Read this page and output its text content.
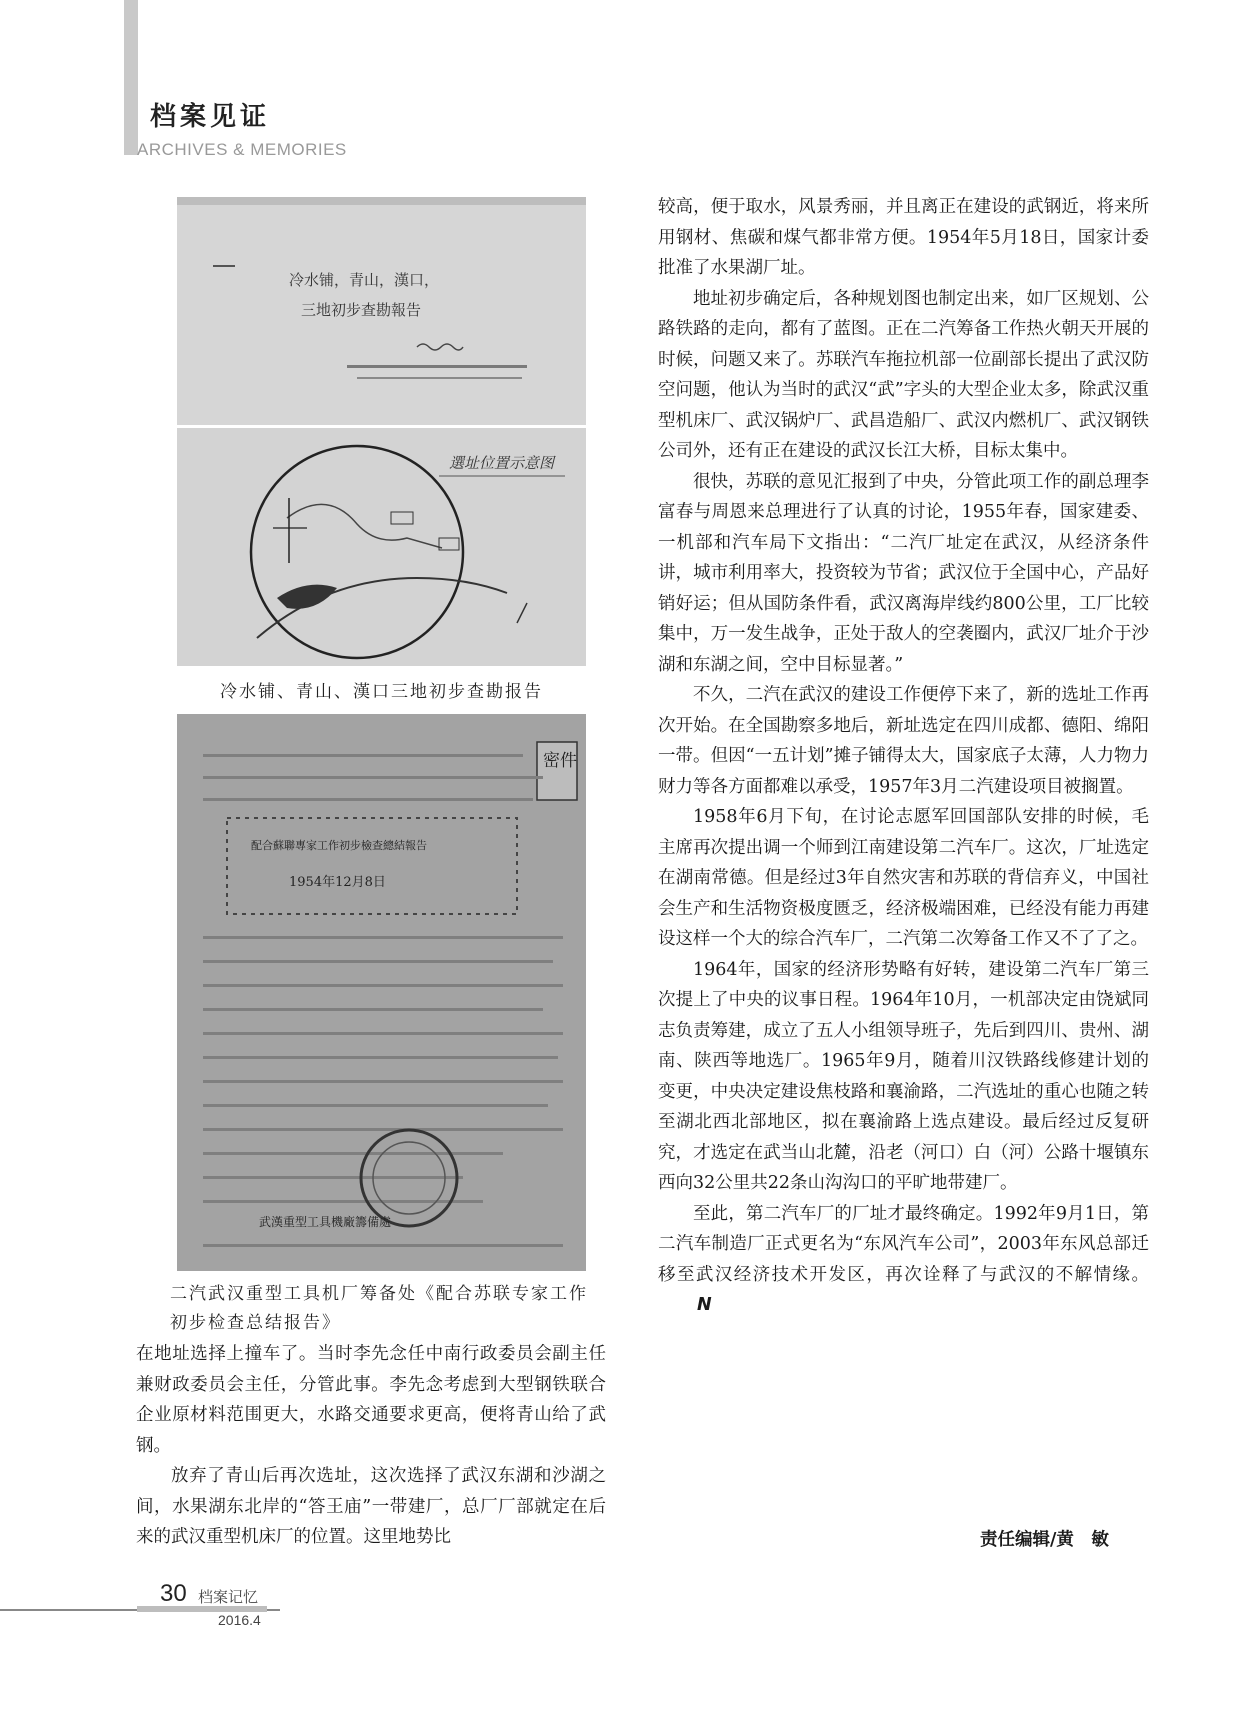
档案见证
ARCHIVES & MEMORIES
冷水铺，青山，漢口，
三地初步查勘報告
選址位置示意图
冷水铺、青山、漢口三地初步查勘报告
密件
配合蘇聯專家工作初步檢查總結報告
1954年12月8日
武漢重型工具機廠籌備處
二汽武汉重型工具机厂筹备处《配合苏联专家工作初步检查总结报告》

在地址选择上撞车了。当时李先念任中南行政委员会副主任兼财政委员会主任，分管此事。李先念考虑到大型钢铁联合企业原材料范围更大，水路交通要求更高，便将青山给了武钢。

放弃了青山后再次选址，这次选择了武汉东湖和沙湖之间，水果湖东北岸的“答王庙”一带建厂，总厂厂部就定在后来的武汉重型机床厂的位置。这里地势比

较高，便于取水，风景秀丽，并且离正在建设的武钢近，将来所用钢材、焦碳和煤气都非常方便。1954年5月18日，国家计委批准了水果湖厂址。

地址初步确定后，各种规划图也制定出来，如厂区规划、公路铁路的走向，都有了蓝图。正在二汽筹备工作热火朝天开展的时候，问题又来了。苏联汽车拖拉机部一位副部长提出了武汉防空问题，他认为当时的武汉“武”字头的大型企业太多，除武汉重型机床厂、武汉锅炉厂、武昌造船厂、武汉内燃机厂、武汉钢铁公司外，还有正在建设的武汉长江大桥，目标太集中。

很快，苏联的意见汇报到了中央，分管此项工作的副总理李富春与周恩来总理进行了认真的讨论，1955年春，国家建委、一机部和汽车局下文指出：“二汽厂址定在武汉，从经济条件讲，城市利用率大，投资较为节省；武汉位于全国中心，产品好销好运；但从国防条件看，武汉离海岸线约800公里，工厂比较集中，万一发生战争，正处于敌人的空袭圈内，武汉厂址介于沙湖和东湖之间，空中目标显著。”

不久，二汽在武汉的建设工作便停下来了，新的选址工作再次开始。在全国勘察多地后，新址选定在四川成都、德阳、绵阳一带。但因“一五计划”摊子铺得太大，国家底子太薄，人力物力财力等各方面都难以承受，1957年3月二汽建设项目被搁置。

1958年6月下旬，在讨论志愿军回国部队安排的时候，毛主席再次提出调一个师到江南建设第二汽车厂。这次，厂址选定在湖南常德。但是经过3年自然灾害和苏联的背信弃义，中国社会生产和生活物资极度匮乏，经济极端困难，已经没有能力再建设这样一个大的综合汽车厂，二汽第二次筹备工作又不了了之。

1964年，国家的经济形势略有好转，建设第二汽车厂第三次提上了中央的议事日程。1964年10月，一机部决定由饶斌同志负责筹建，成立了五人小组领导班子，先后到四川、贵州、湖南、陕西等地选厂。1965年9月，随着川汉铁路线修建计划的变更，中央决定建设焦枝路和襄渝路，二汽选址的重心也随之转至湖北西北部地区，拟在襄渝路上选点建设。最后经过反复研究，才选定在武当山北麓，沿老（河口）白（河）公路十堰镇东西向32公里共22条山沟沟口的平旷地带建厂。

至此，第二汽车厂的厂址才最终确定。1992年9月1日，第二汽车制造厂正式更名为“东风汽车公司”，2003年东风总部迁移至武汉经济技术开发区，再次诠释了与武汉的不解情缘。N

责任编辑/黄　敏
30 档案记忆
2016.4
